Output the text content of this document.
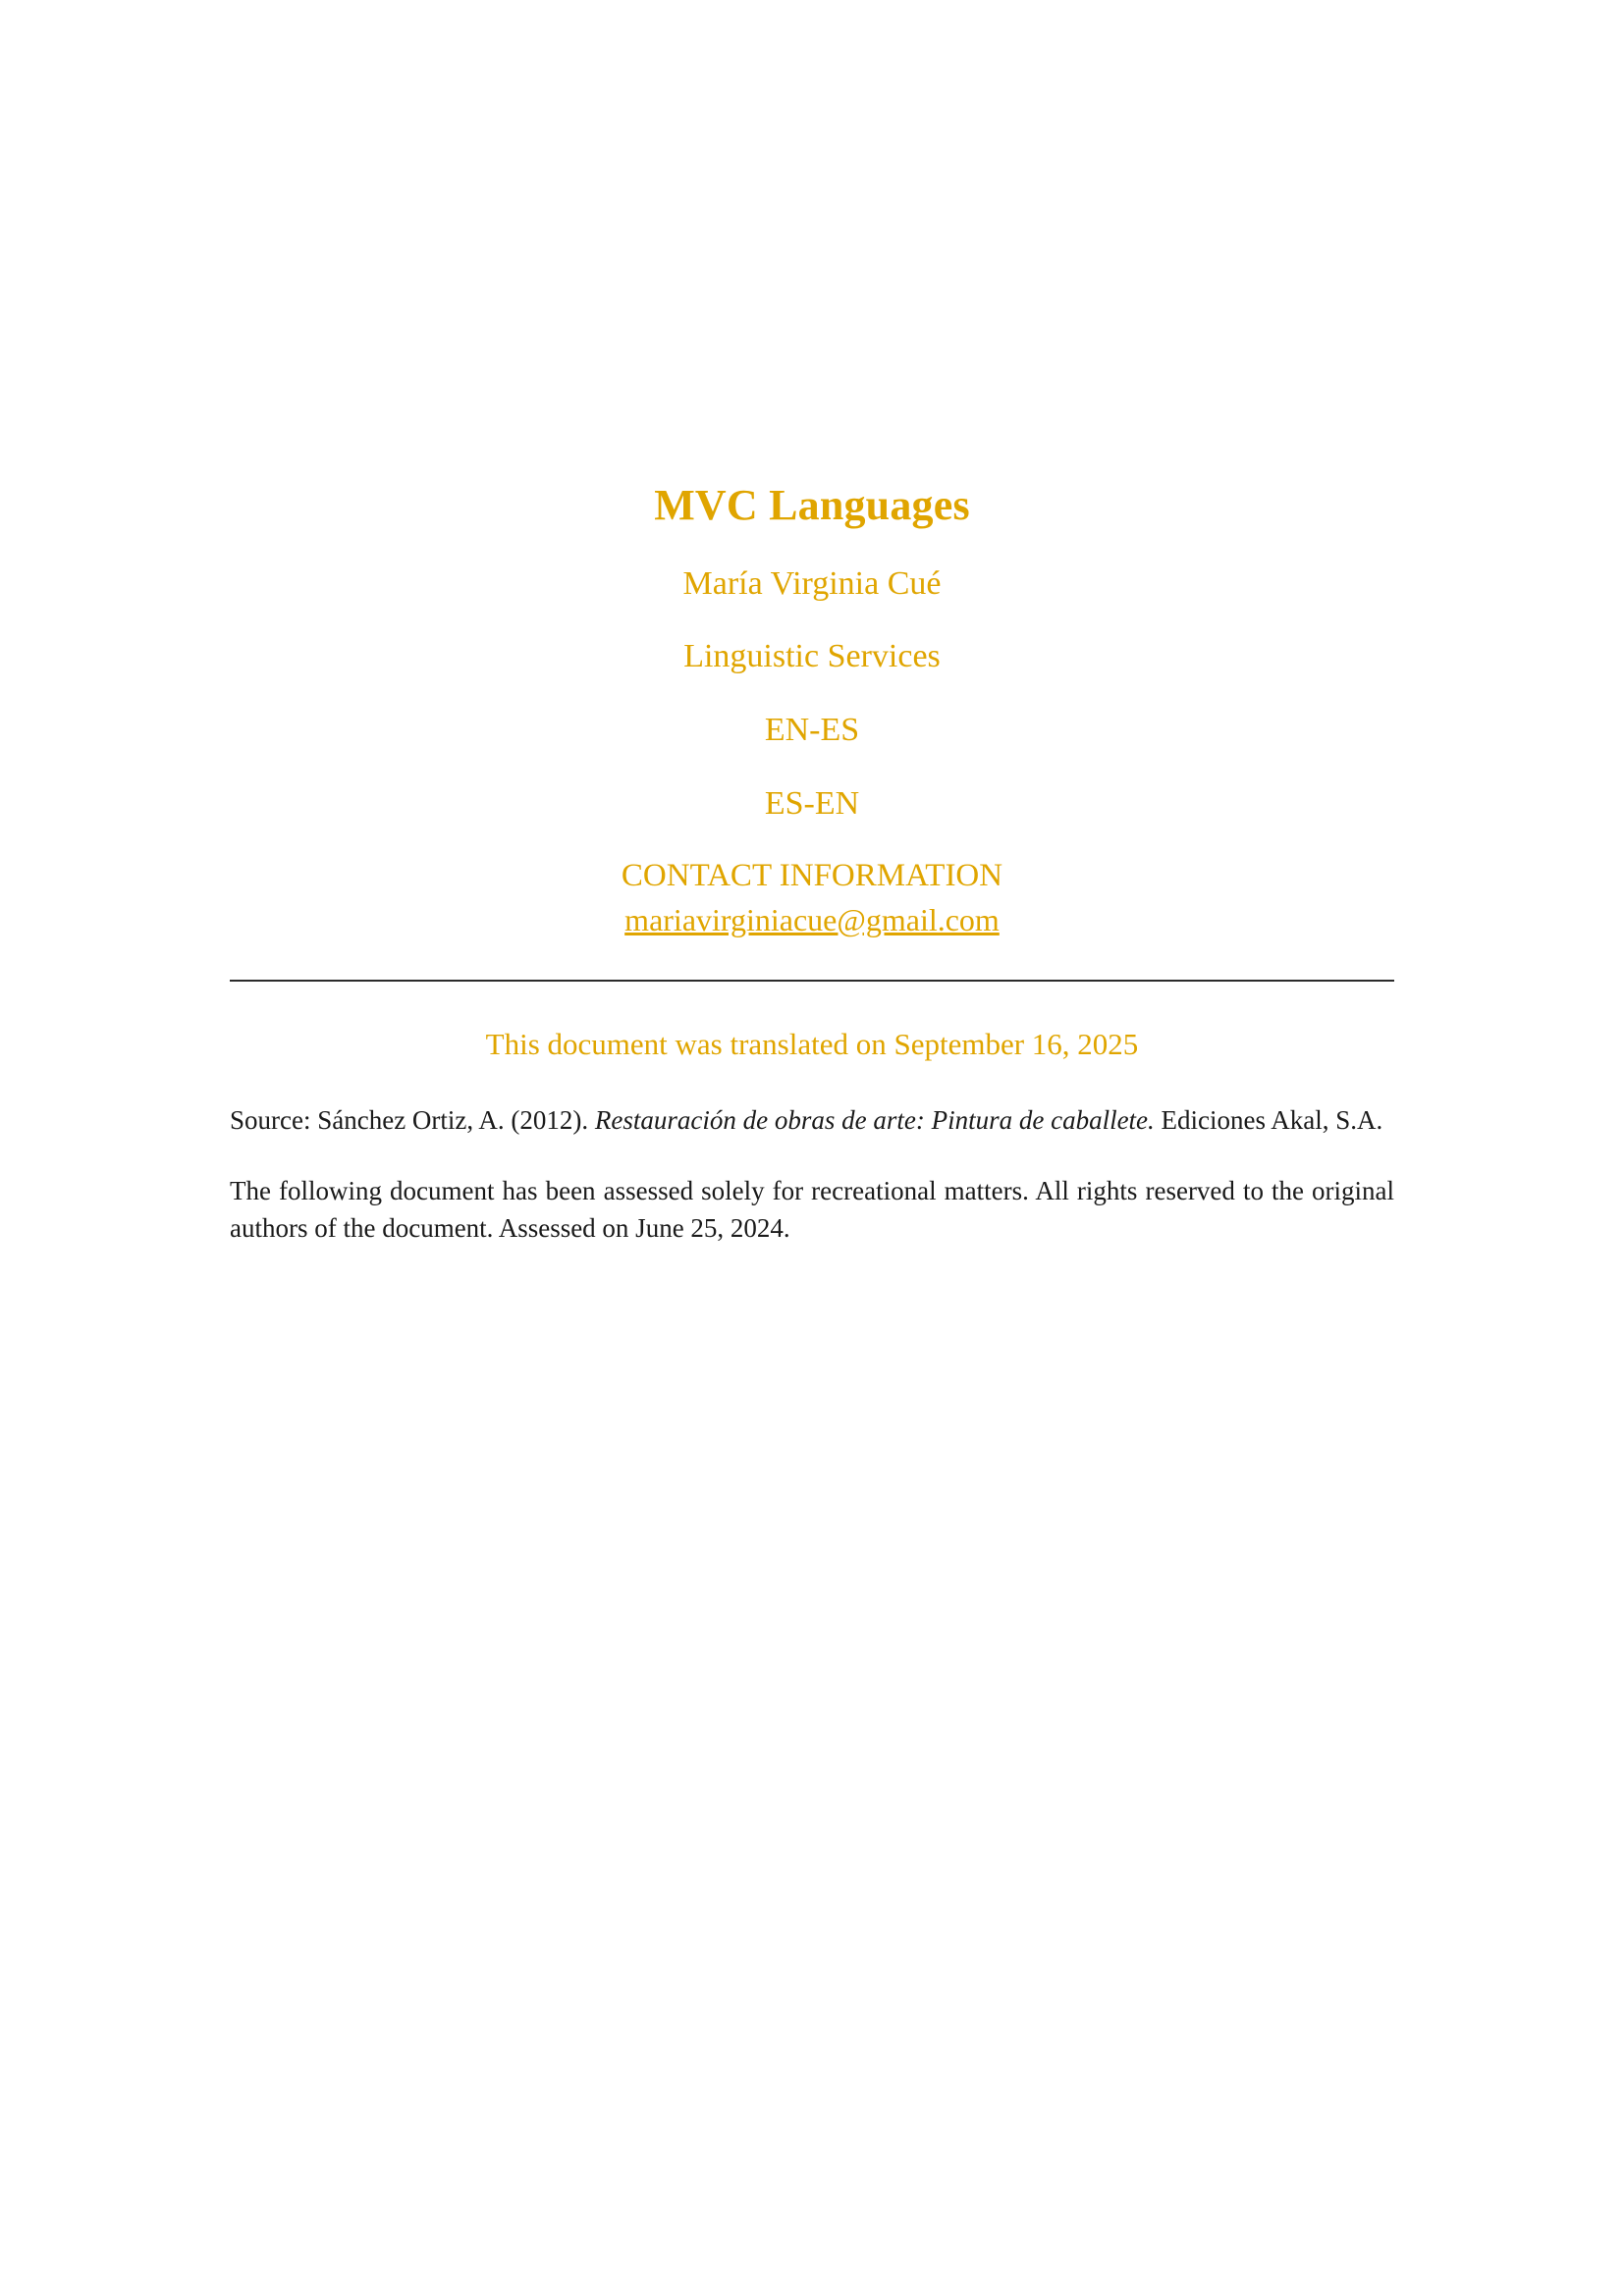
MVC Languages

María Virginia Cué

Linguistic Services

EN-ES

ES-EN

CONTACT INFORMATION

mariavirginiacue@gmail.com

This document was translated on September 16, 2025

Source: Sánchez Ortiz, A. (2012). Restauración de obras de arte: Pintura de caballete. Ediciones Akal, S.A.

The following document has been assessed solely for recreational matters. All rights reserved to the original authors of the document. Assessed on June 25, 2024.
